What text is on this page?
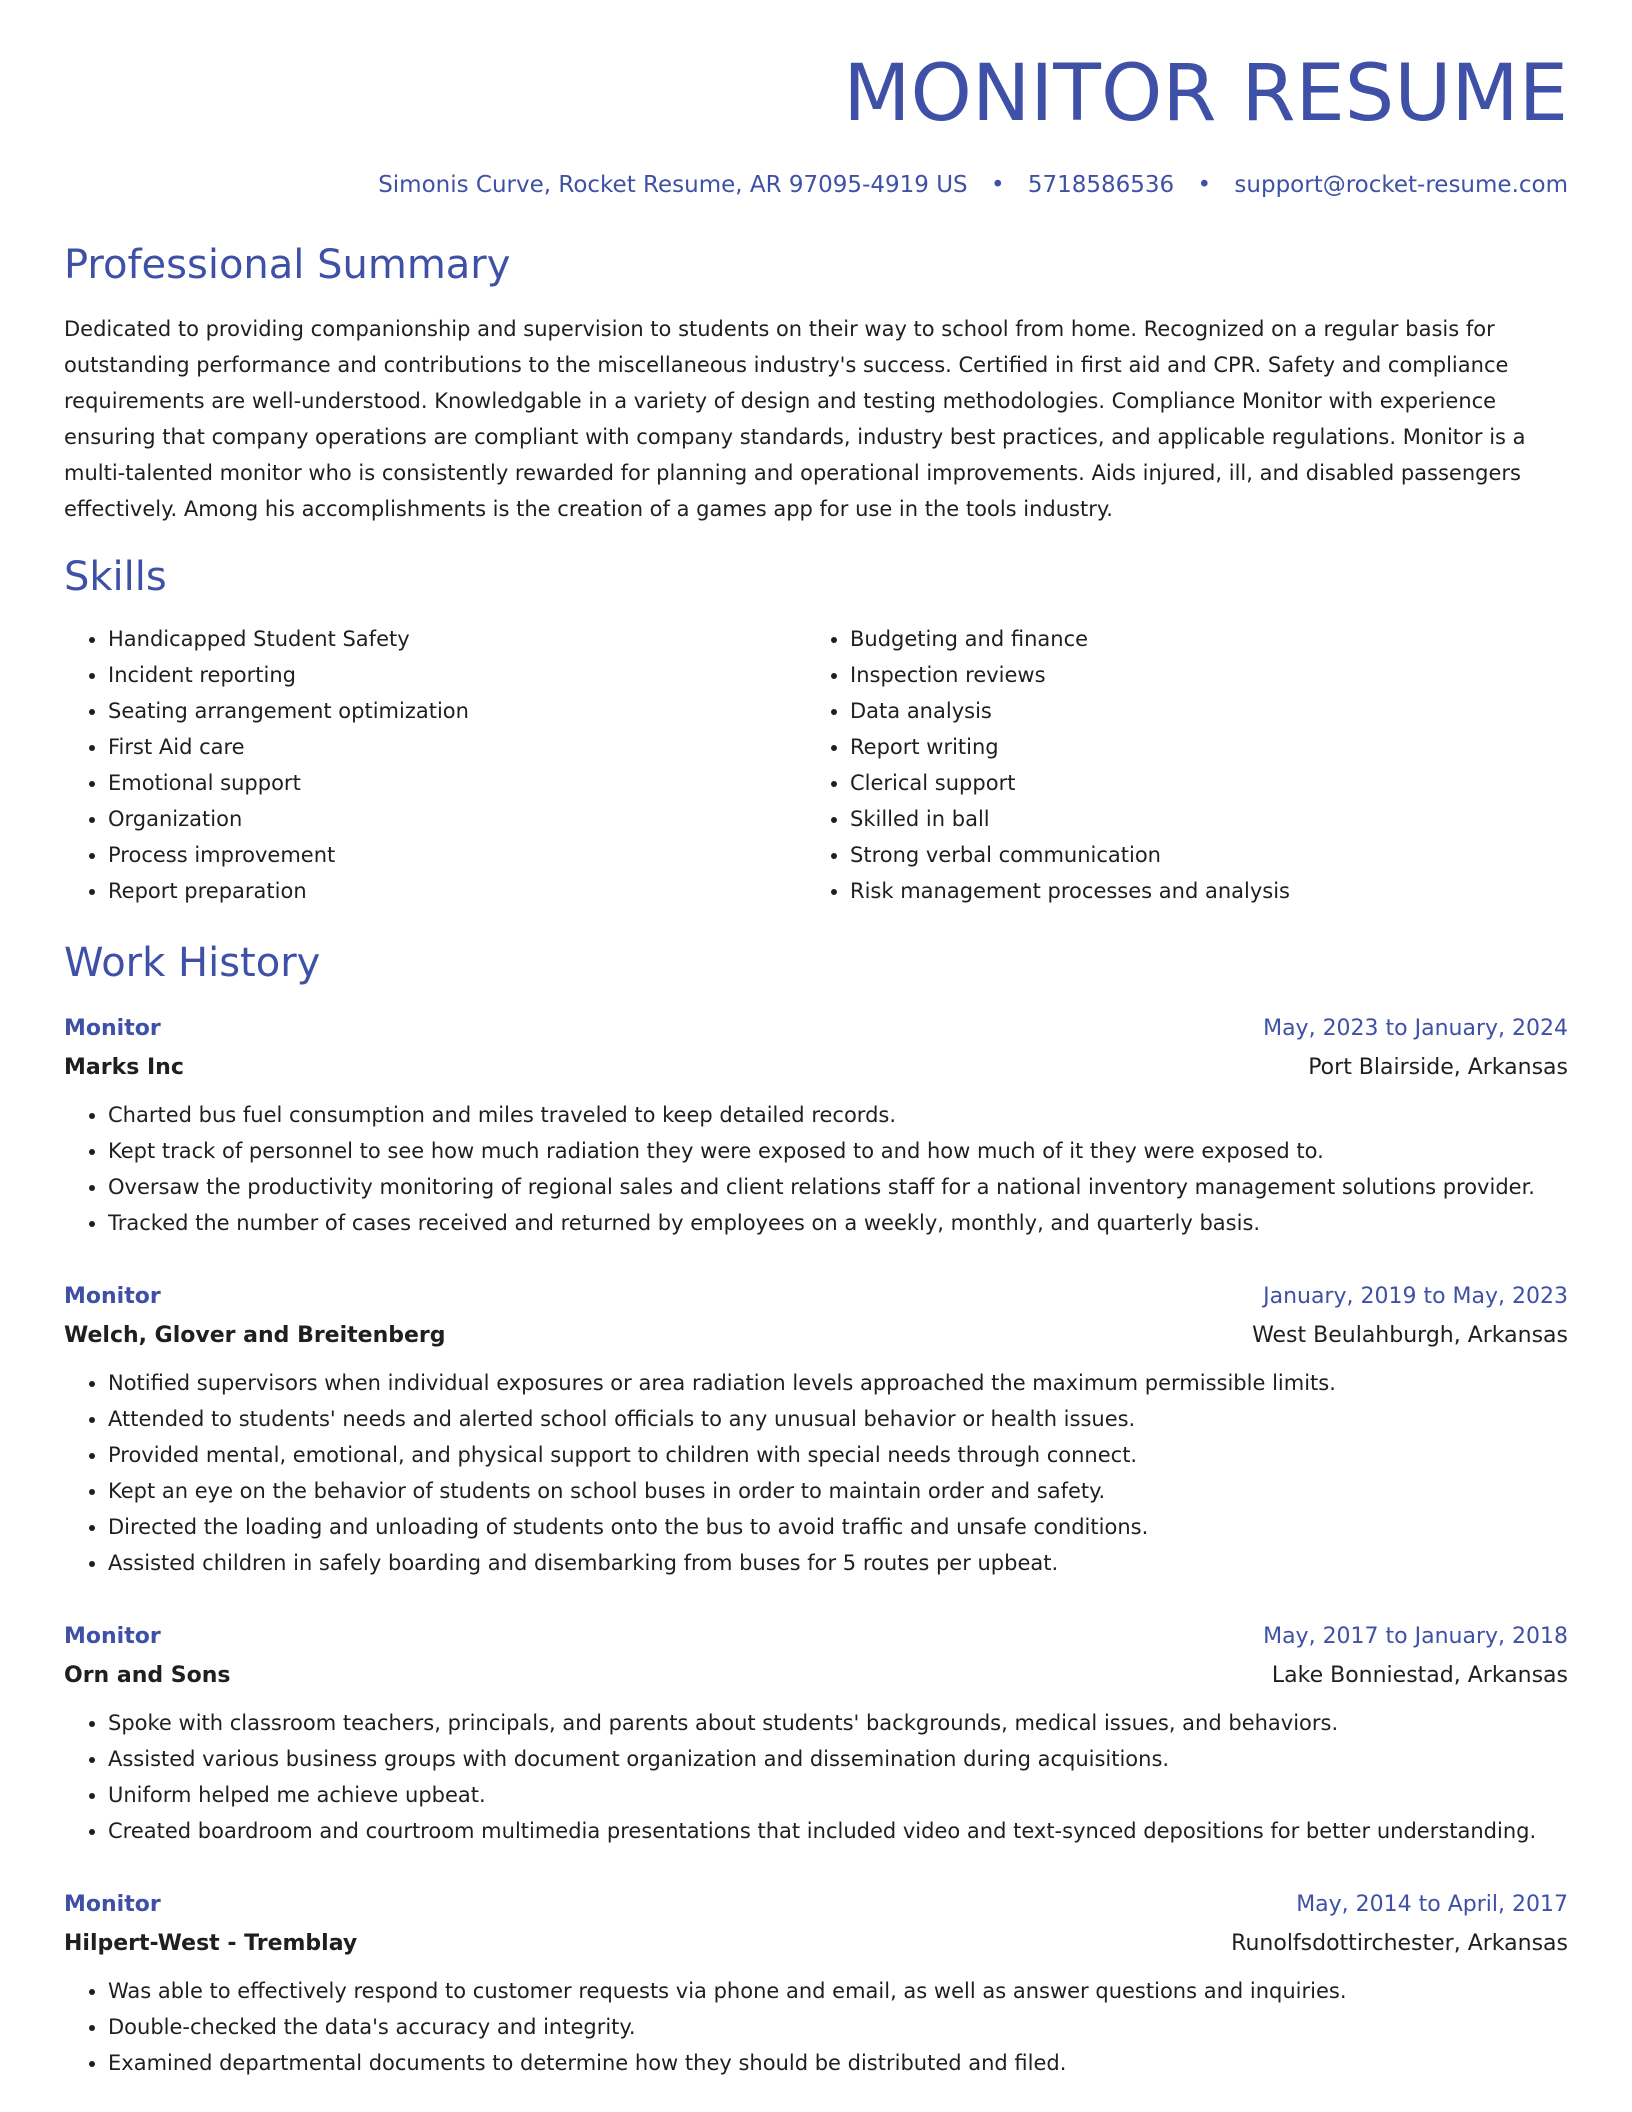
MONITOR RESUME
Simonis Curve, Rocket Resume, AR 97095-4919 US • 5718586536 • support@rocket-resume.com
Professional Summary

Dedicated to providing companionship and supervision to students on their way to school from home. Recognized on a regular basis for outstanding performance and contributions to the miscellaneous industry's success. Certified in first aid and CPR. Safety and compliance requirements are well-understood. Knowledgable in a variety of design and testing methodologies. Compliance Monitor with experience ensuring that company operations are compliant with company standards, industry best practices, and applicable regulations. Monitor is a multi-talented monitor who is consistently rewarded for planning and operational improvements. Aids injured, ill, and disabled passengers effectively. Among his accomplishments is the creation of a games app for use in the tools industry.

Skills
• Handicapped Student Safety
• Incident reporting
• Seating arrangement optimization
• First Aid care
• Emotional support
• Organization
• Process improvement
• Report preparation
• Budgeting and finance
• Inspection reviews
• Data analysis
• Report writing
• Clerical support
• Skilled in ball
• Strong verbal communication
• Risk management processes and analysis
Work History
Monitor	May, 2023 to January, 2024
Marks Inc	Port Blairside, Arkansas
• Charted bus fuel consumption and miles traveled to keep detailed records.
• Kept track of personnel to see how much radiation they were exposed to and how much of it they were exposed to.
• Oversaw the productivity monitoring of regional sales and client relations staff for a national inventory management solutions provider.
• Tracked the number of cases received and returned by employees on a weekly, monthly, and quarterly basis.
Monitor	January, 2019 to May, 2023
Welch, Glover and Breitenberg	West Beulahburgh, Arkansas
• Notified supervisors when individual exposures or area radiation levels approached the maximum permissible limits.
• Attended to students' needs and alerted school officials to any unusual behavior or health issues.
• Provided mental, emotional, and physical support to children with special needs through connect.
• Kept an eye on the behavior of students on school buses in order to maintain order and safety.
• Directed the loading and unloading of students onto the bus to avoid traffic and unsafe conditions.
• Assisted children in safely boarding and disembarking from buses for 5 routes per upbeat.
Monitor	May, 2017 to January, 2018
Orn and Sons	Lake Bonniestad, Arkansas
• Spoke with classroom teachers, principals, and parents about students' backgrounds, medical issues, and behaviors.
• Assisted various business groups with document organization and dissemination during acquisitions.
• Uniform helped me achieve upbeat.
• Created boardroom and courtroom multimedia presentations that included video and text-synced depositions for better understanding.
Monitor	May, 2014 to April, 2017
Hilpert-West - Tremblay	Runolfsdottirchester, Arkansas
• Was able to effectively respond to customer requests via phone and email, as well as answer questions and inquiries.
• Double-checked the data's accuracy and integrity.
• Examined departmental documents to determine how they should be distributed and filed.
